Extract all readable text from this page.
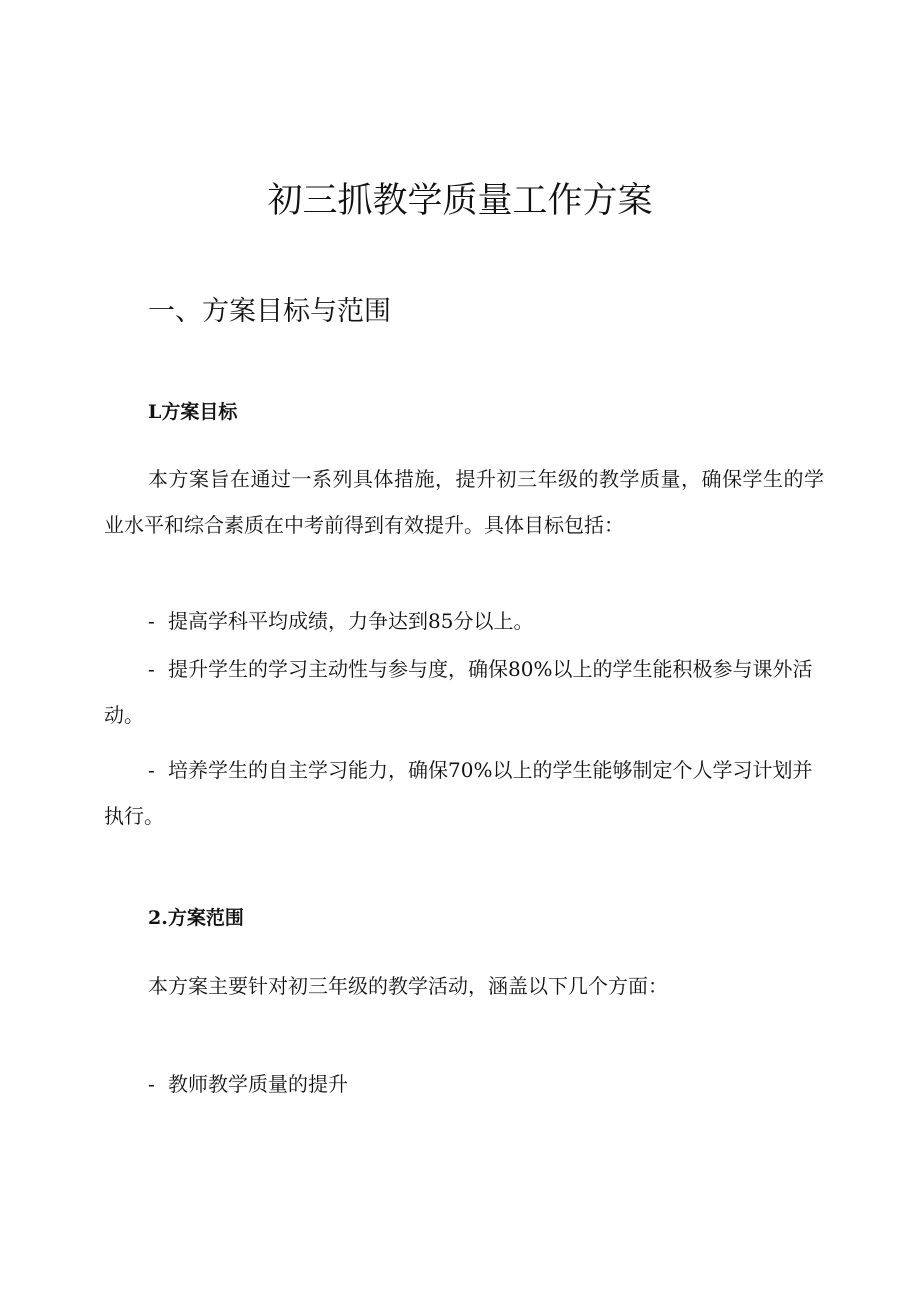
初三抓教学质量工作方案
一、方案目标与范围
L方案目标

本方案旨在通过一系列具体措施，提升初三年级的教学质量，确保学生的学业水平和综合素质在中考前得到有效提升。具体目标包括：

- 提高学科平均成绩，力争达到85分以上。

- 提升学生的学习主动性与参与度，确保80%以上的学生能积极参与课外活动。

- 培养学生的自主学习能力，确保70%以上的学生能够制定个人学习计划并执行。

2.方案范围

本方案主要针对初三年级的教学活动，涵盖以下几个方面：

- 教师教学质量的提升
